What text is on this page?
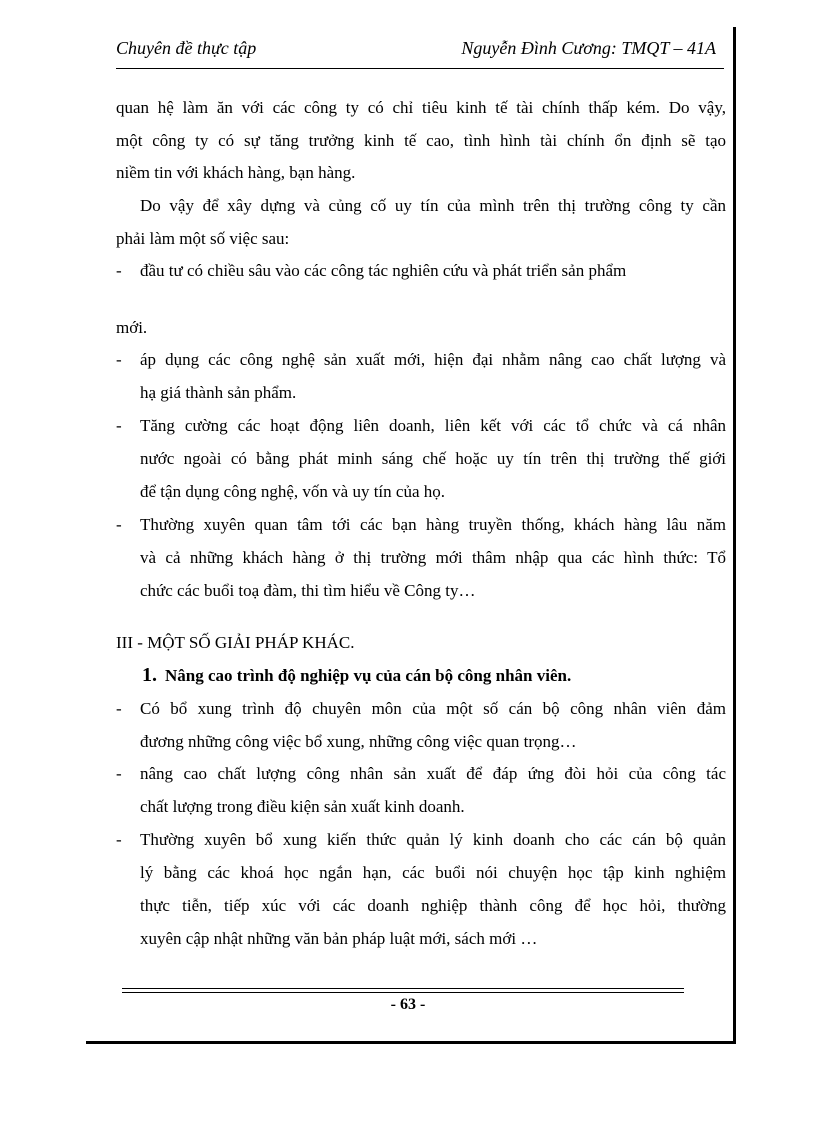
Chuyên đề thực tập	Nguyễn Đình Cương: TMQT – 41A
quan hệ làm ăn với các công ty có chỉ tiêu kinh tế tài chính thấp kém. Do vậy,
một công ty có sự tăng trưởng kinh tế cao, tình hình tài chính ổn định sẽ tạo
niềm tin với khách hàng, bạn hàng.
Do vậy để xây dựng và củng cố uy tín của mình trên thị trường công ty cần
phải làm một số việc sau:
- đầu tư có chiều sâu vào các công tác nghiên cứu và phát triển sản phẩm
mới.
- áp dụng các công nghệ sản xuất mới, hiện đại nhằm nâng cao chất lượng và
hạ giá thành sản phẩm.
- Tăng cường các hoạt động liên doanh, liên kết với các tổ chức và cá nhân
nước ngoài có bằng phát minh sáng chế hoặc uy tín trên thị trường thế giới
để tận dụng công nghệ, vốn và uy tín của họ.
- Thường xuyên quan tâm tới các bạn hàng truyền thống, khách hàng lâu năm
và cả những khách hàng ở thị trường mới thâm nhập qua các hình thức: Tổ
chức các buổi toạ đàm, thi tìm hiểu về Công ty…
III - MỘT SỐ GIẢI PHÁP KHÁC.
1. Nâng cao trình độ nghiệp vụ của cán bộ công nhân viên.
- Có bổ xung trình độ chuyên môn của một số cán bộ công nhân viên đảm
đương những công việc bổ xung, những công việc quan trọng…
- nâng cao chất lượng công nhân sản xuất để đáp ứng đòi hỏi của công tác
chất lượng trong điều kiện sản xuất kinh doanh.
- Thường xuyên bổ xung kiến thức quản lý kinh doanh cho các cán bộ quản
lý bằng các khoá học ngắn hạn, các buổi nói chuyện học tập kinh nghiệm
thực tiễn, tiếp xúc với các doanh nghiệp thành công để học hỏi, thường
xuyên cập nhật những văn bản pháp luật mới, sách mới …
- 63 -
